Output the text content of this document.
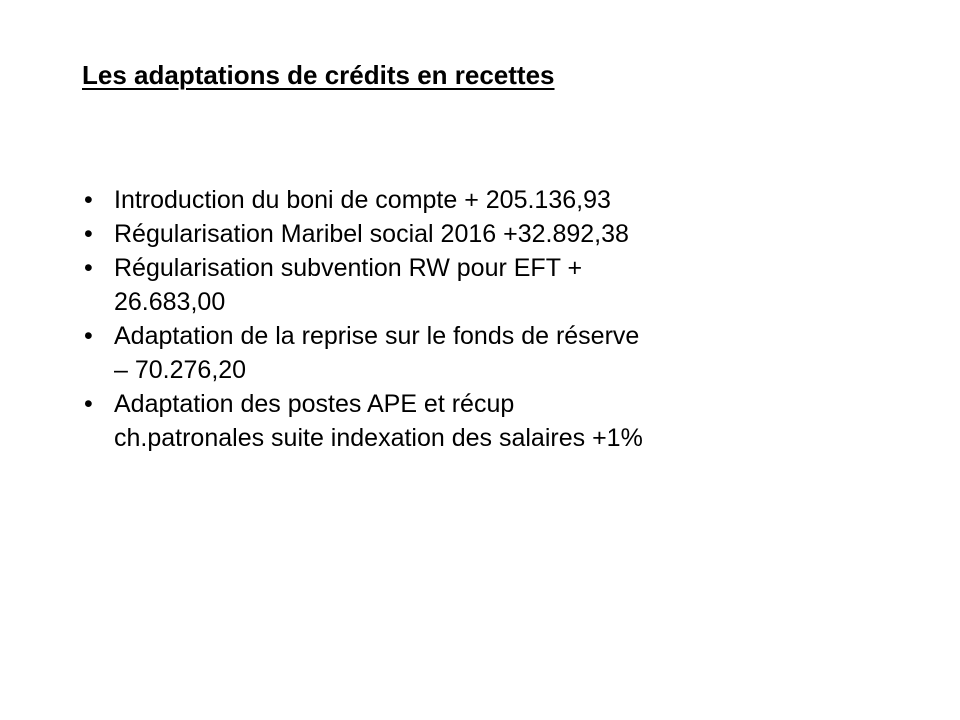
Les adaptations de crédits en recettes
• Introduction du boni de compte + 205.136,93
• Régularisation Maribel social 2016 +32.892,38
• Régularisation subvention RW pour EFT +
26.683,00
• Adaptation de la reprise sur le fonds de réserve
– 70.276,20
• Adaptation des postes APE et récup
ch.patronales suite indexation des salaires +1%
